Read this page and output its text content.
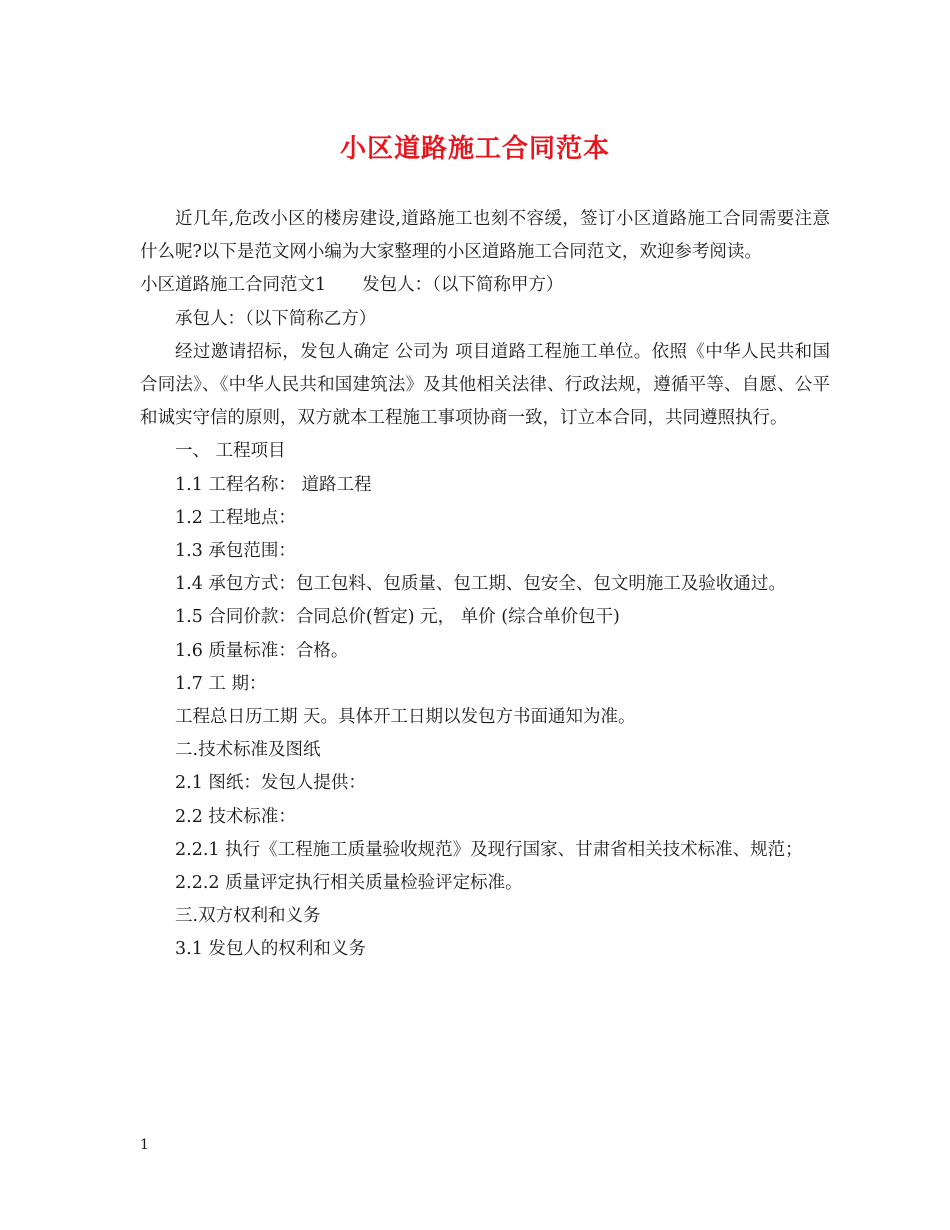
小区道路施工合同范本

近几年,危改小区的楼房建设,道路施工也刻不容缓，签订小区道路施工合同需要注意什么呢?以下是范文网小编为大家整理的小区道路施工合同范文，欢迎参考阅读。

小区道路施工合同范文1 发包人：（以下简称甲方）

承包人：（以下简称乙方）

经过邀请招标，发包人确定 公司为 项目道路工程施工单位。依照《中华人民共和国合同法》、《中华人民共和国建筑法》及其他相关法律、行政法规，遵循平等、自愿、公平和诚实守信的原则，双方就本工程施工事项协商一致，订立本合同，共同遵照执行。

一、 工程项目

1.1 工程名称： 道路工程

1.2 工程地点：

1.3 承包范围：

1.4 承包方式：包工包料、包质量、包工期、包安全、包文明施工及验收通过。

1.5 合同价款：合同总价(暂定) 元， 单价 (综合单价包干)

1.6 质量标准：合格。

1.7 工 期：

工程总日历工期 天。具体开工日期以发包方书面通知为准。

二.技术标准及图纸

2.1 图纸：发包人提供：

2.2 技术标准：

2.2.1 执行《工程施工质量验收规范》及现行国家、甘肃省相关技术标准、规范；

2.2.2 质量评定执行相关质量检验评定标准。

三.双方权利和义务

3.1 发包人的权利和义务

1
